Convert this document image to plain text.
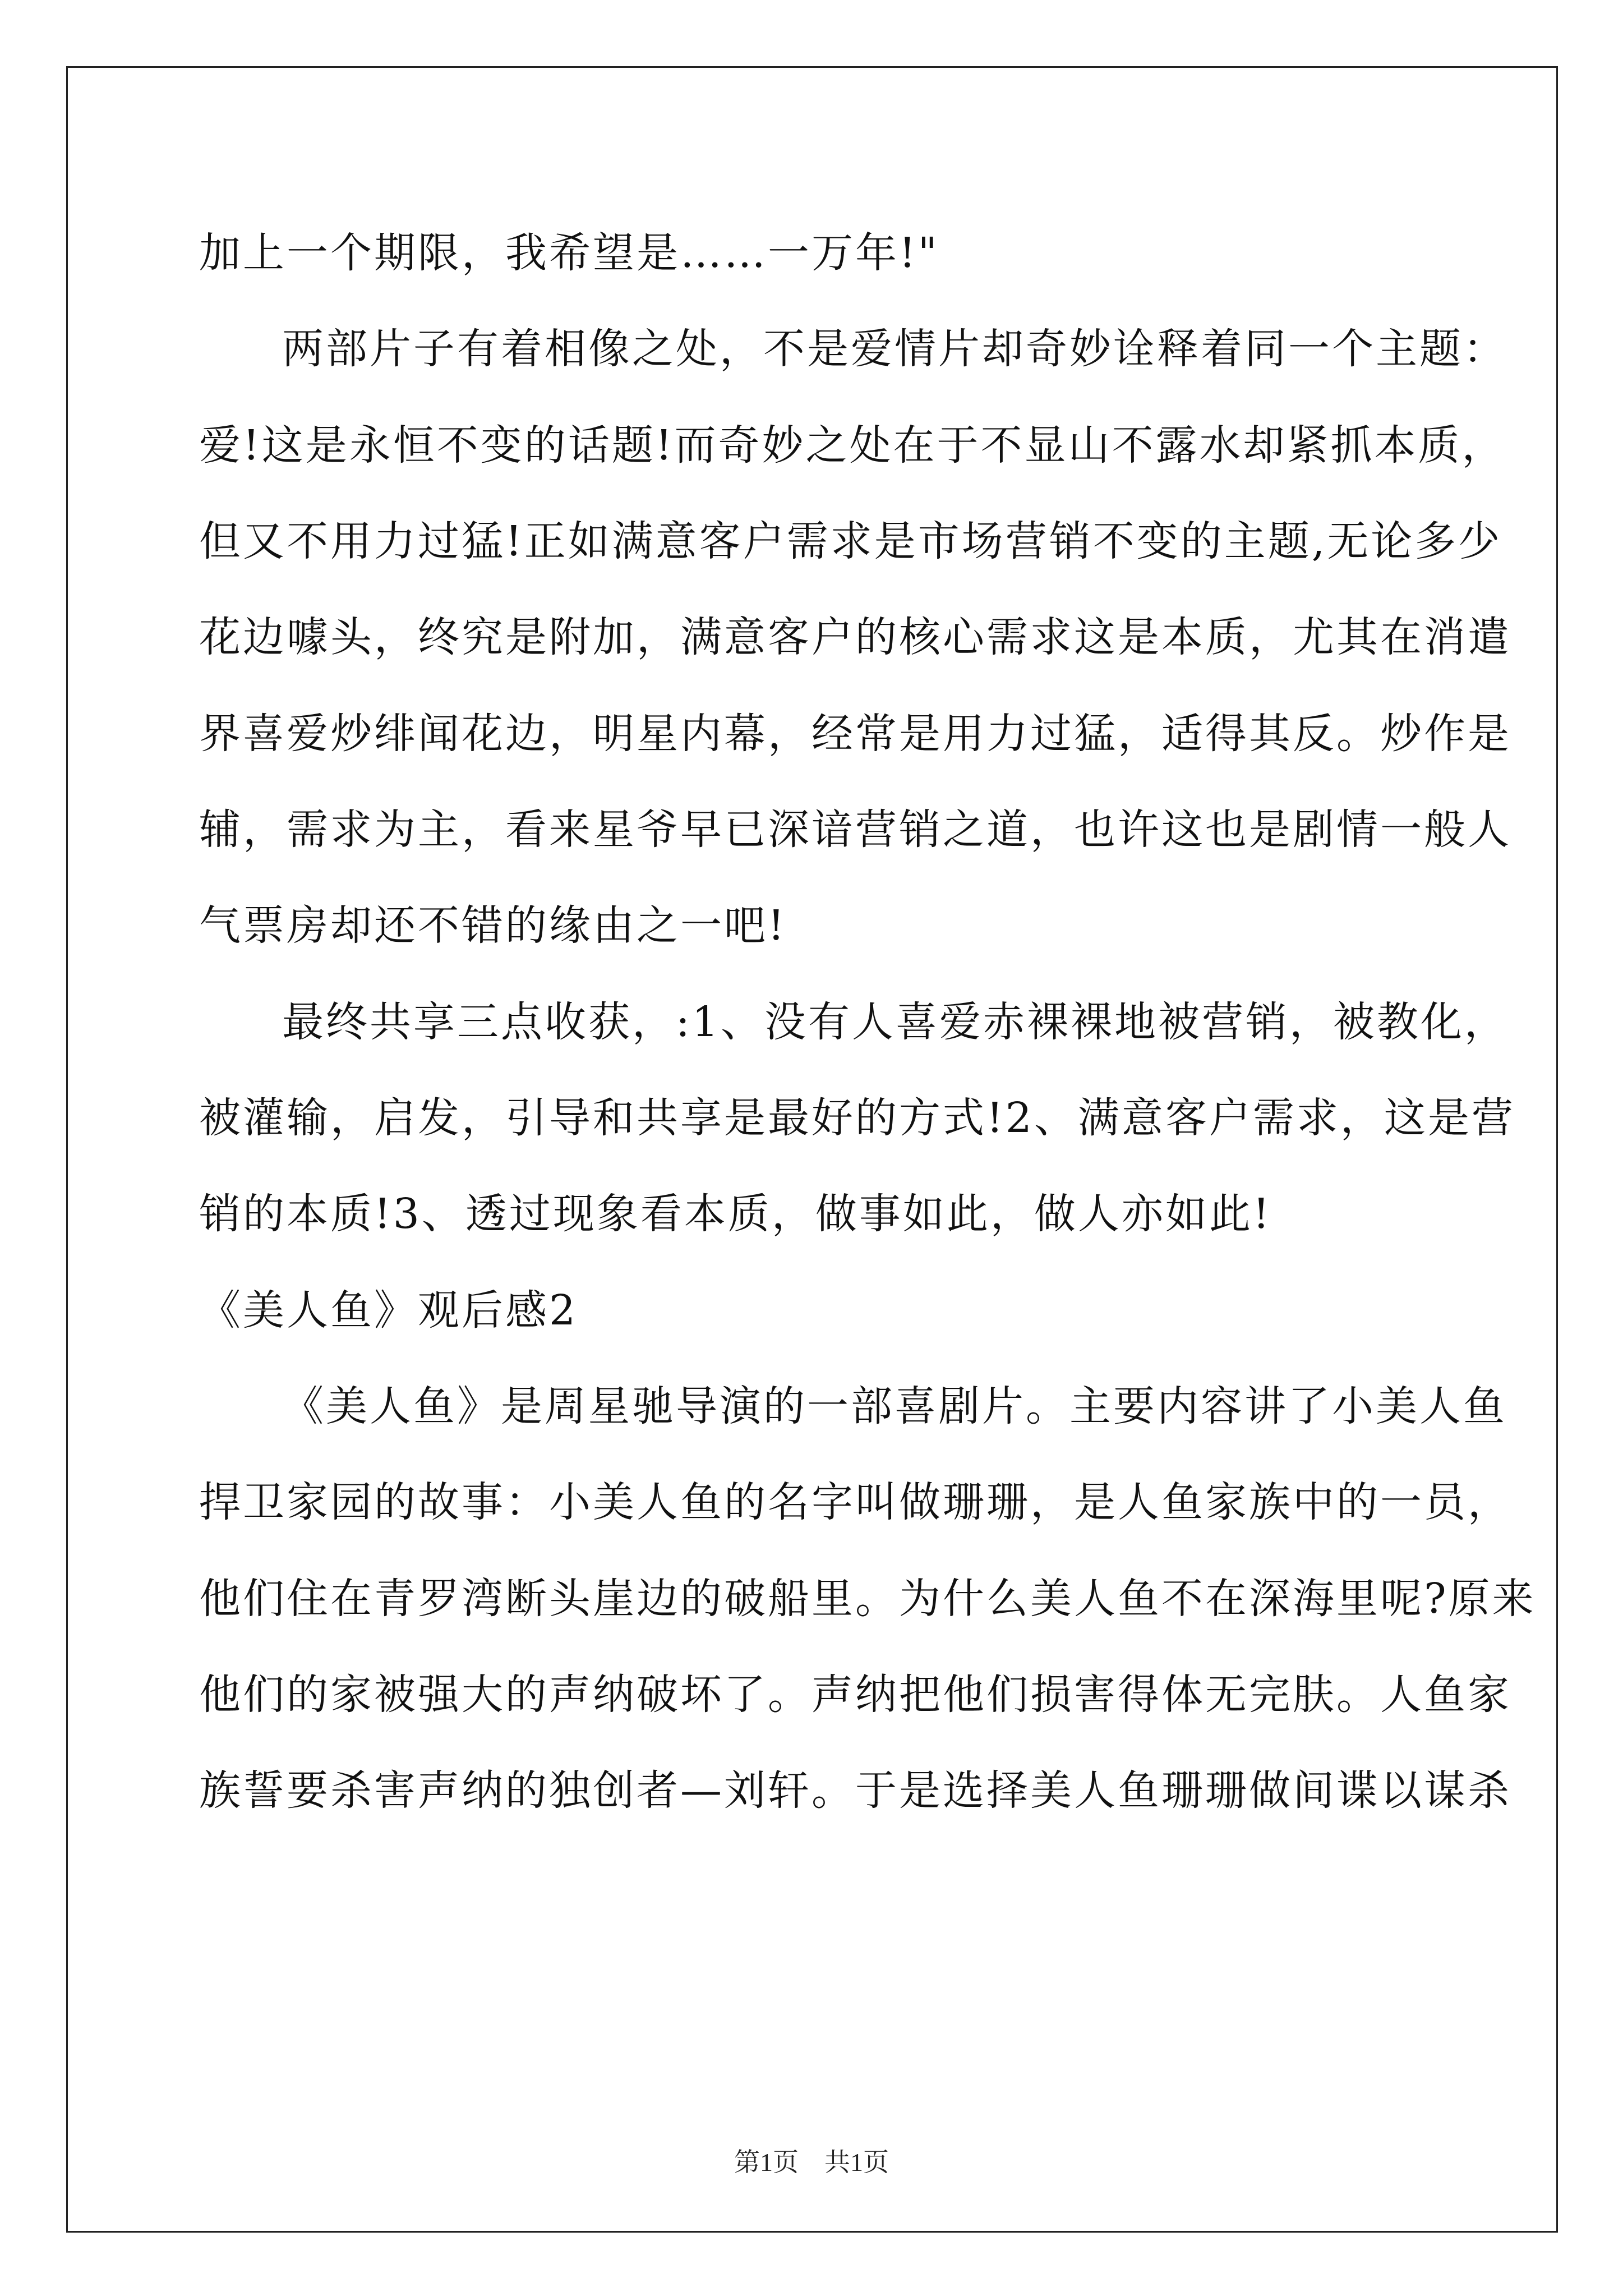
加上一个期限，我希望是……一万年!"
两部片子有着相像之处，不是爱情片却奇妙诠释着同一个主题：
爱!这是永恒不变的话题!而奇妙之处在于不显山不露水却紧抓本质，
但又不用力过猛!正如满意客户需求是市场营销不变的主题,无论多少
花边噱头，终究是附加，满意客户的核心需求这是本质，尤其在消遣
界喜爱炒绯闻花边，明星内幕，经常是用力过猛，适得其反。炒作是
辅，需求为主，看来星爷早已深谙营销之道，也许这也是剧情一般人
气票房却还不错的缘由之一吧!
最终共享三点收获，:1、没有人喜爱赤裸裸地被营销，被教化，
被灌输，启发，引导和共享是最好的方式!2、满意客户需求，这是营
销的本质!3、透过现象看本质，做事如此，做人亦如此!
《美人鱼》观后感2
《美人鱼》是周星驰导演的一部喜剧片。主要内容讲了小美人鱼
捍卫家园的故事：小美人鱼的名字叫做珊珊，是人鱼家族中的一员，
他们住在青罗湾断头崖边的破船里。为什么美人鱼不在深海里呢?原来
他们的家被强大的声纳破坏了。声纳把他们损害得体无完肤。人鱼家
族誓要杀害声纳的独创者—刘轩。于是选择美人鱼珊珊做间谍以谋杀
第1页　共1页
